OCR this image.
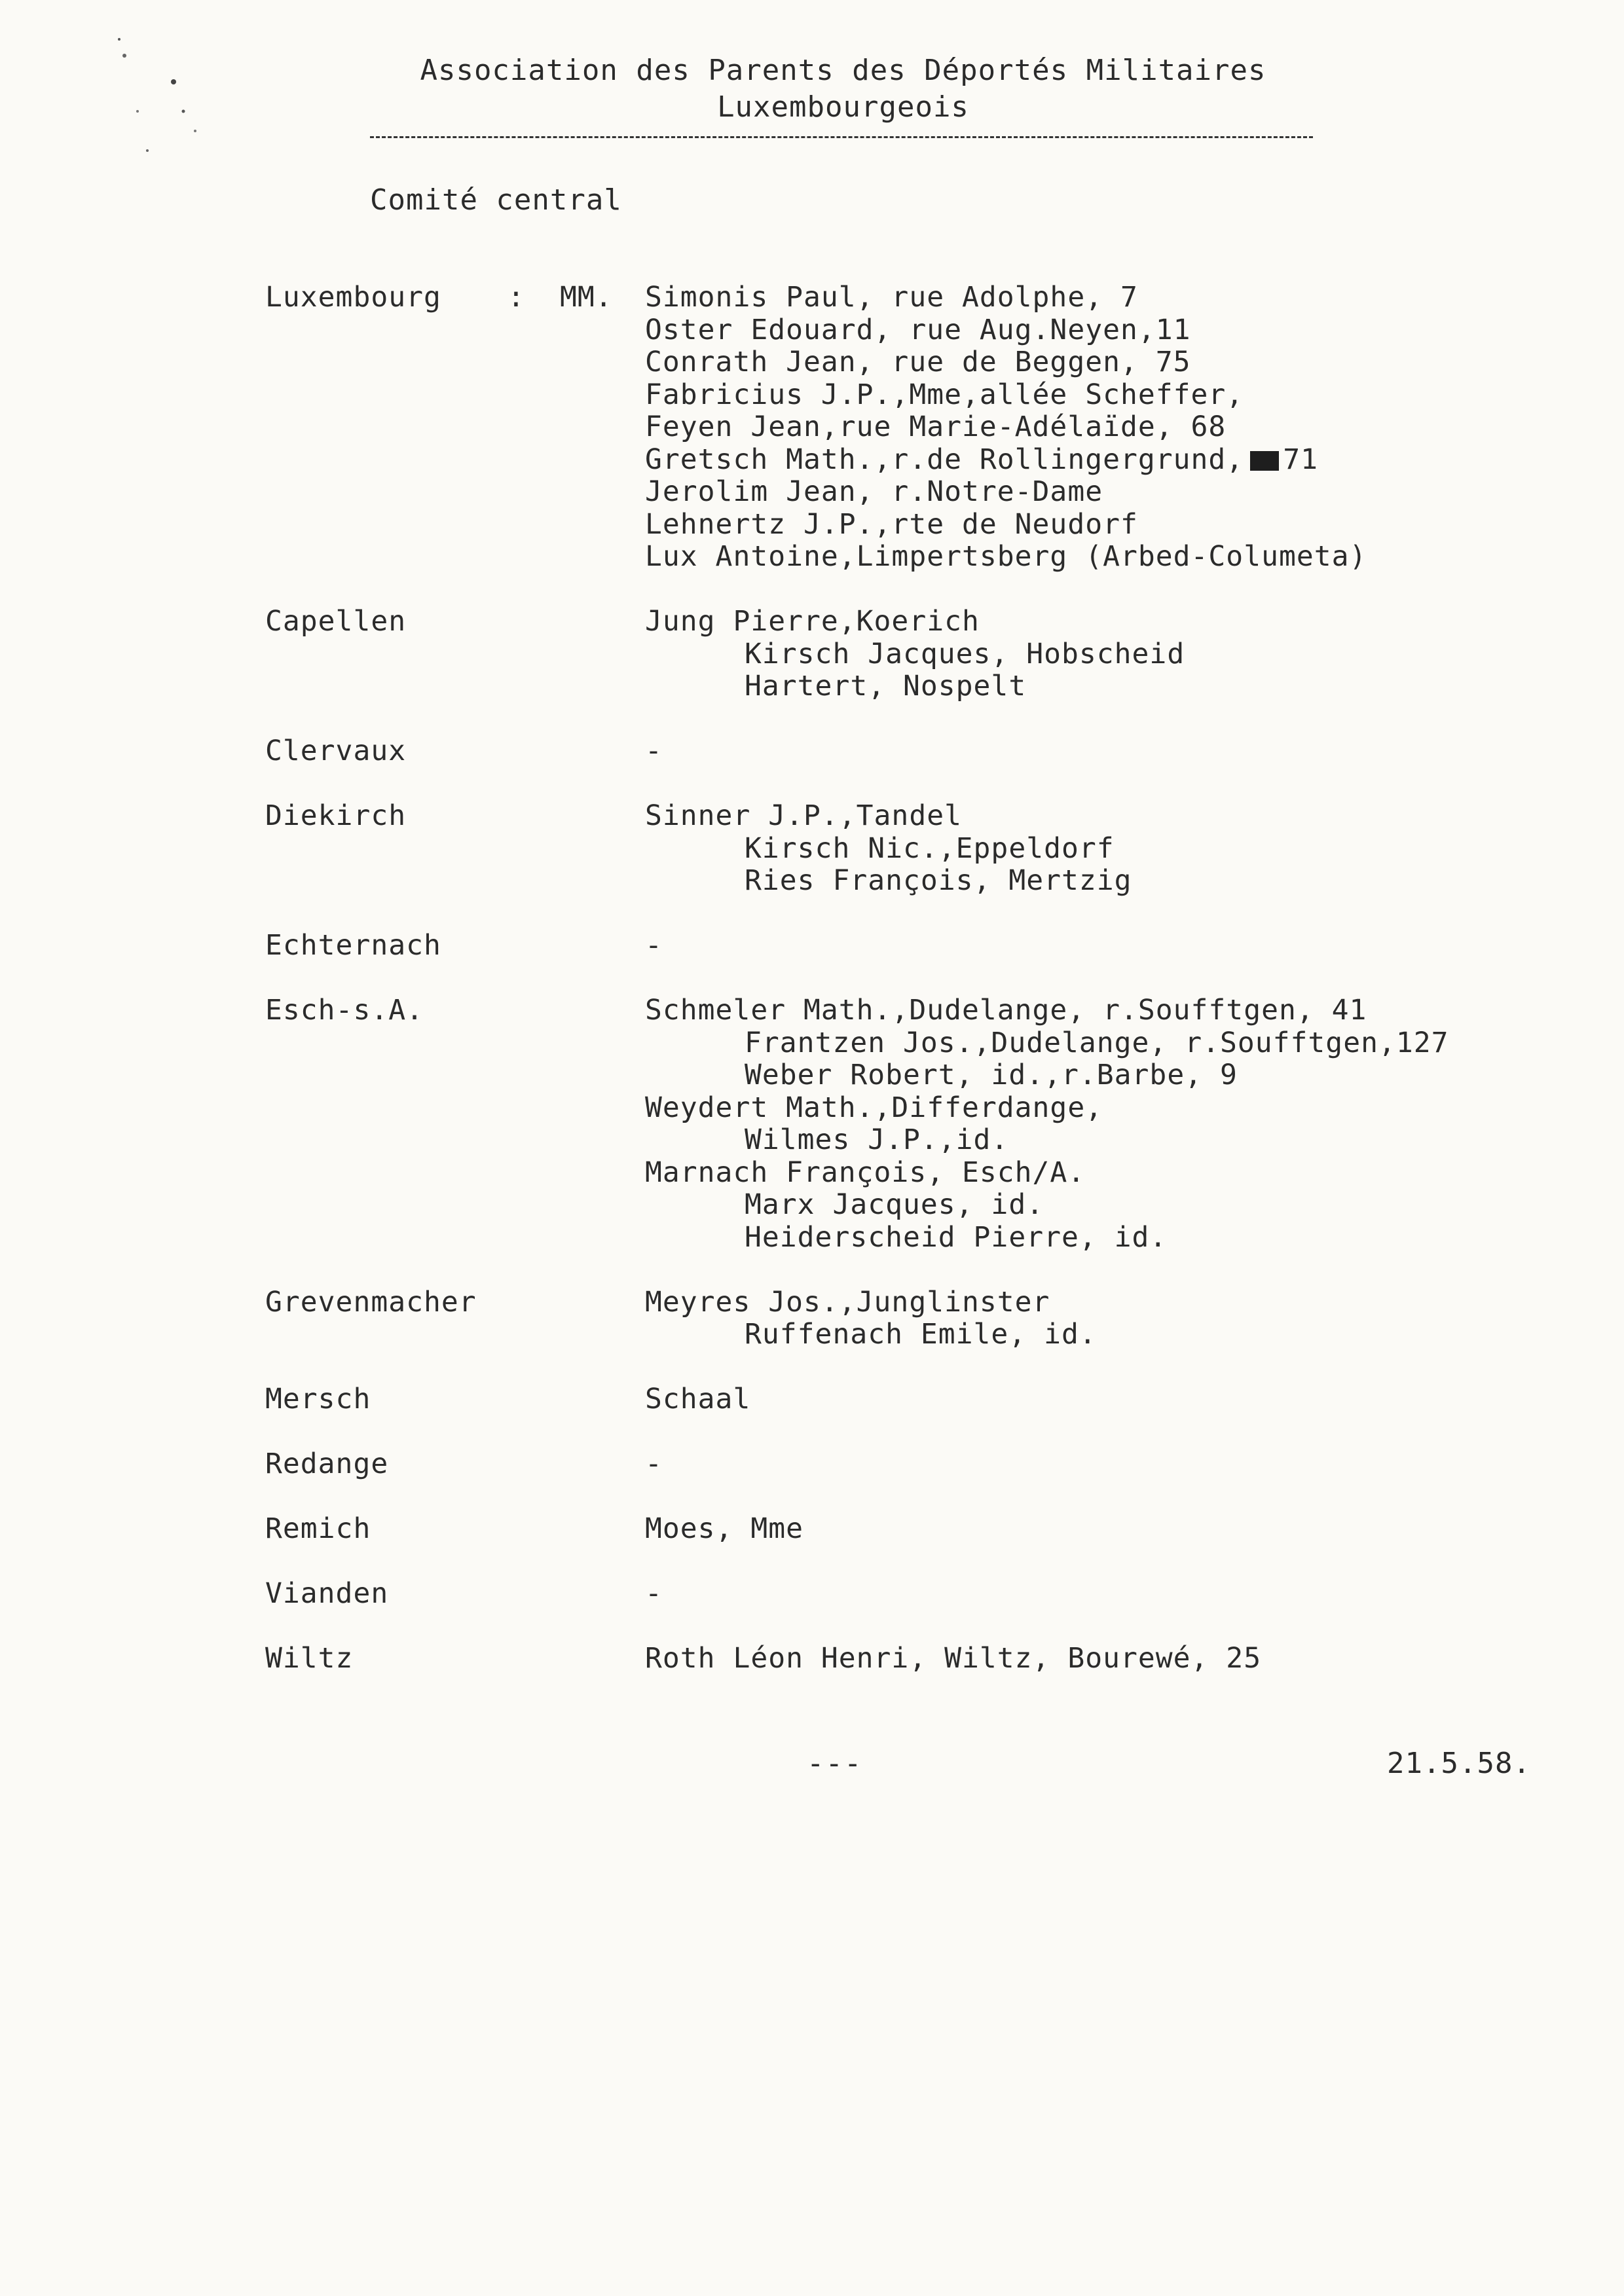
Association des Parents des Déportés Militaires
Luxembourgeois
Comité central
Luxembourg : MM. Simonis Paul, rue Adolphe, 7
Oster Edouard, rue Aug.Neyen,11
Conrath Jean, rue de Beggen, 75
Fabricius J.P.,Mme,allée Scheffer,
Feyen Jean,rue Marie-Adélaïde, 68
Gretsch Math.,r.de Rollingergrund, 71
Jerolim Jean, r.Notre-Dame
Lehnertz J.P.,rte de Neudorf
Lux Antoine,Limpertsberg (Arbed-Columeta)
Capellen	Jung Pierre,Koerich
Kirsch Jacques, Hobscheid
Hartert, Nospelt
Clervaux	-
Diekirch	Sinner J.P.,Tandel
Kirsch Nic.,Eppeldorf
Ries François, Mertzig
Echternach	-
Esch-s.A.	Schmeler Math.,Dudelange, r.Soufftgen, 41
Frantzen Jos.,Dudelange, r.Soufftgen,127
Weber Robert, id.,r.Barbe, 9
Weydert Math.,Differdange,
Wilmes J.P.,id.
Marnach François, Esch/A.
Marx Jacques, id.
Heiderscheid Pierre, id.
Grevenmacher	Meyres Jos.,Junglinster
Ruffenach Emile, id.
Mersch	Schaal
Redange	-
Remich	Moes, Mme
Vianden	-
Wiltz	Roth Léon Henri, Wiltz, Bourewé, 25
---	21.5.58.
